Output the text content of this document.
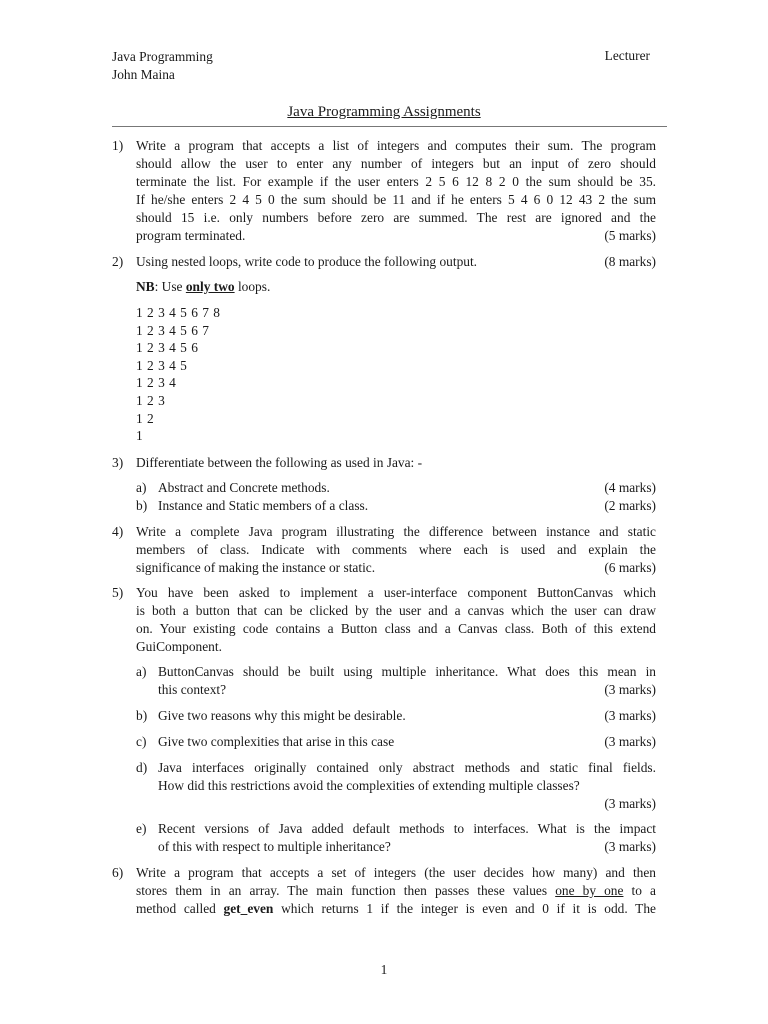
Java Programming
John Maina
Lecturer
Java Programming Assignments
1) Write a program that accepts a list of integers and computes their sum. The program
should allow the user to enter any number of integers but an input of zero should
terminate the list. For example if the user enters 2 5 6 12 8 2 0 the sum should be 35.
If he/she enters 2 4 5 0 the sum should be 11 and if he enters 5 4 6 0 12 43 2 the sum
should 15 i.e. only numbers before zero are summed. The rest are ignored and the
program terminated.	(5 marks)
2) Using nested loops, write code to produce the following output.	(8 marks)
NB: Use only two loops.
1 2 3 4 5 6 7 8
1 2 3 4 5 6 7
1 2 3 4 5 6
1 2 3 4 5
1 2 3 4
1 2 3
1 2
1
3) Differentiate between the following as used in Java: -
a) Abstract and Concrete methods.	(4 marks)
b) Instance and Static members of a class.	(2 marks)
4) Write a complete Java program illustrating the difference between instance and static
members of class. Indicate with comments where each is used and explain the
significance of making the instance or static.	(6 marks)
5) You have been asked to implement a user-interface component ButtonCanvas which
is both a button that can be clicked by the user and a canvas which the user can draw
on. Your existing code contains a Button class and a Canvas class. Both of this extend
GuiComponent.
a) ButtonCanvas should be built using multiple inheritance. What does this mean in
this context?	(3 marks)
b) Give two reasons why this might be desirable.	(3 marks)
c) Give two complexities that arise in this case	(3 marks)
d) Java interfaces originally contained only abstract methods and static final fields.
How did this restrictions avoid the complexities of extending multiple classes?
(3 marks)
e) Recent versions of Java added default methods to interfaces. What is the impact
of this with respect to multiple inheritance?	(3 marks)
6) Write a program that accepts a set of integers (the user decides how many) and then
stores them in an array. The main function then passes these values one by one to a
method called get_even which returns 1 if the integer is even and 0 if it is odd. The
1
